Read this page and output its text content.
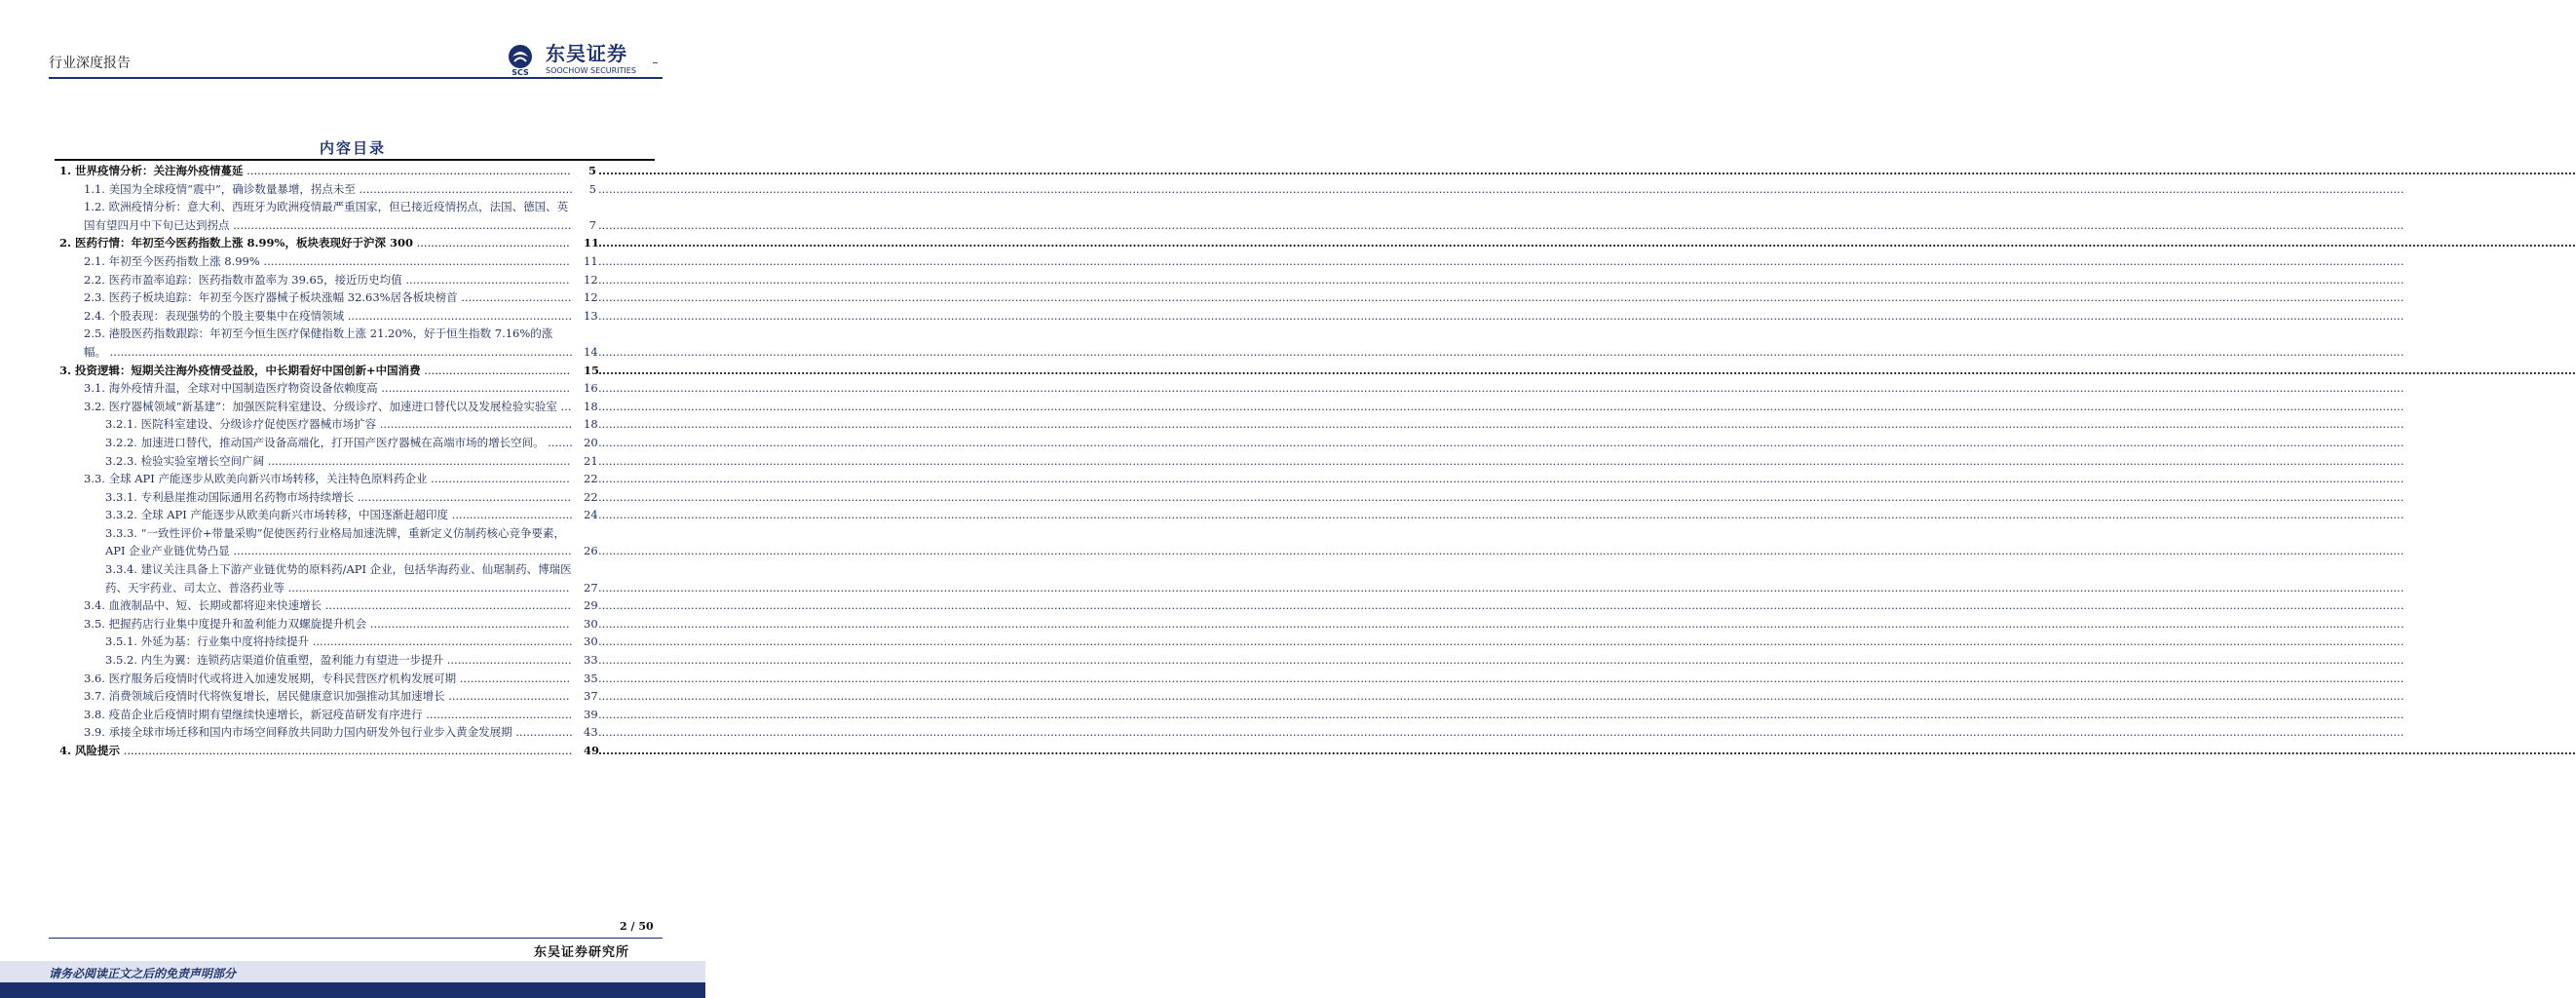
行业深度报告
SCS
东吴证券
SOOCHOW SECURITIES
内容目录
1. 世界疫情分析：关注海外疫情蔓延 ........................................................................................... .....	5
1.1. 美国为全球疫情“震中”，确诊数量暴增，拐点未至 ............................................................ .....	5
1.2. 欧洲疫情分析：意大利、西班牙为欧洲疫情最严重国家，但已接近疫情拐点，法国、德国、英国有望四月中下旬已达到拐点 ............................................................................................... .....	7
2. 医药行情：年初至今医药指数上涨 8.99%，板块表现好于沪深 300 ........................................... .....	11
2.1. 年初至今医药指数上涨 8.99% ...................................................................................... .....	11
2.2. 医药市盈率追踪：医药指数市盈率为 39.65，接近历史均值 .............................................. .....	12
2.3. 医药子板块追踪：年初至今医疗器械子板块涨幅 32.63%居各板块榜首 ............................... .....	12
2.4. 个股表现：表现强势的个股主要集中在疫情领域 ............................................................... .....	13
2.5. 港股医药指数跟踪：年初至今恒生医疗保健指数上涨 21.20%，好于恒生指数 7.16%的涨幅。 .................................................................................................................................. ..... 14
3. 投资逻辑：短期关注海外疫情受益股，中长期看好中国创新+中国消费 ......................................... .....	15
3.1. 海外疫情升温，全球对中国制造医疗物资设备依赖度高 ..................................................... .....	16
3.2. 医疗器械领域“新基建”：加强医院科室建设、分级诊疗、加速进口替代以及发展检验实验室 ... .....	18
3.2.1. 医院科室建设、分级诊疗促使医疗器械市场扩容 ...................................................... .....	18
3.2.2. 加速进口替代，推动国产设备高端化，打开国产医疗器械在高端市场的增长空间。 ....... ..... 20
3.2.3. 检验实验室增长空间广阔 ..................................................................................... .....	21
3.3. 全球 API 产能逐步从欧美向新兴市场转移，关注特色原料药企业 ....................................... .....	22
3.3.1. 专利悬崖推动国际通用名药物市场持续增长 ............................................................ .....	22
3.3.2. 全球 API 产能逐步从欧美向新兴市场转移，中国逐渐赶超印度 .................................. ..... 24
3.3.3. “一致性评价+带量采购”促使医药行业格局加速洗牌，重新定义仿制药核心竞争要素，API 企业产业链优势凸显 ............................................................................................... .....	26
3.3.4. 建议关注具备上下游产业链优势的原料药/API 企业，包括华海药业、仙琚制药、博瑞医药、天宇药业、司太立、普洛药业等 ............................................................................... .....	27
3.4. 血液制品中、短、长期或都将迎来快速增长 ..................................................................... .....	29
3.5. 把握药店行业集中度提升和盈利能力双螺旋提升机会 ........................................................ .....	30
3.5.1. 外延为基：行业集中度将持续提升 ......................................................................... ..... 30
3.5.2. 内生为翼：连锁药店渠道价值重塑，盈利能力有望进一步提升 ................................... .....	33
3.6. 医疗服务后疫情时代或将进入加速发展期，专科民营医疗机构发展可期 ............................... .....	35
3.7. 消费领域后疫情时代将恢复增长，居民健康意识加强推动其加速增长 .................................. .....	37
3.8. 疫苗企业后疫情时期有望继续快速增长，新冠疫苗研发有序进行 ......................................... .....	39
3.9. 承接全球市场迁移和国内市场空间释放共同助力国内研发外包行业步入黄金发展期 ................ ..... 43
4. 风险提示 .............................................................................................................................. .....	49
2 / 50
东吴证券研究所
请务必阅读正文之后的免责声明部分
